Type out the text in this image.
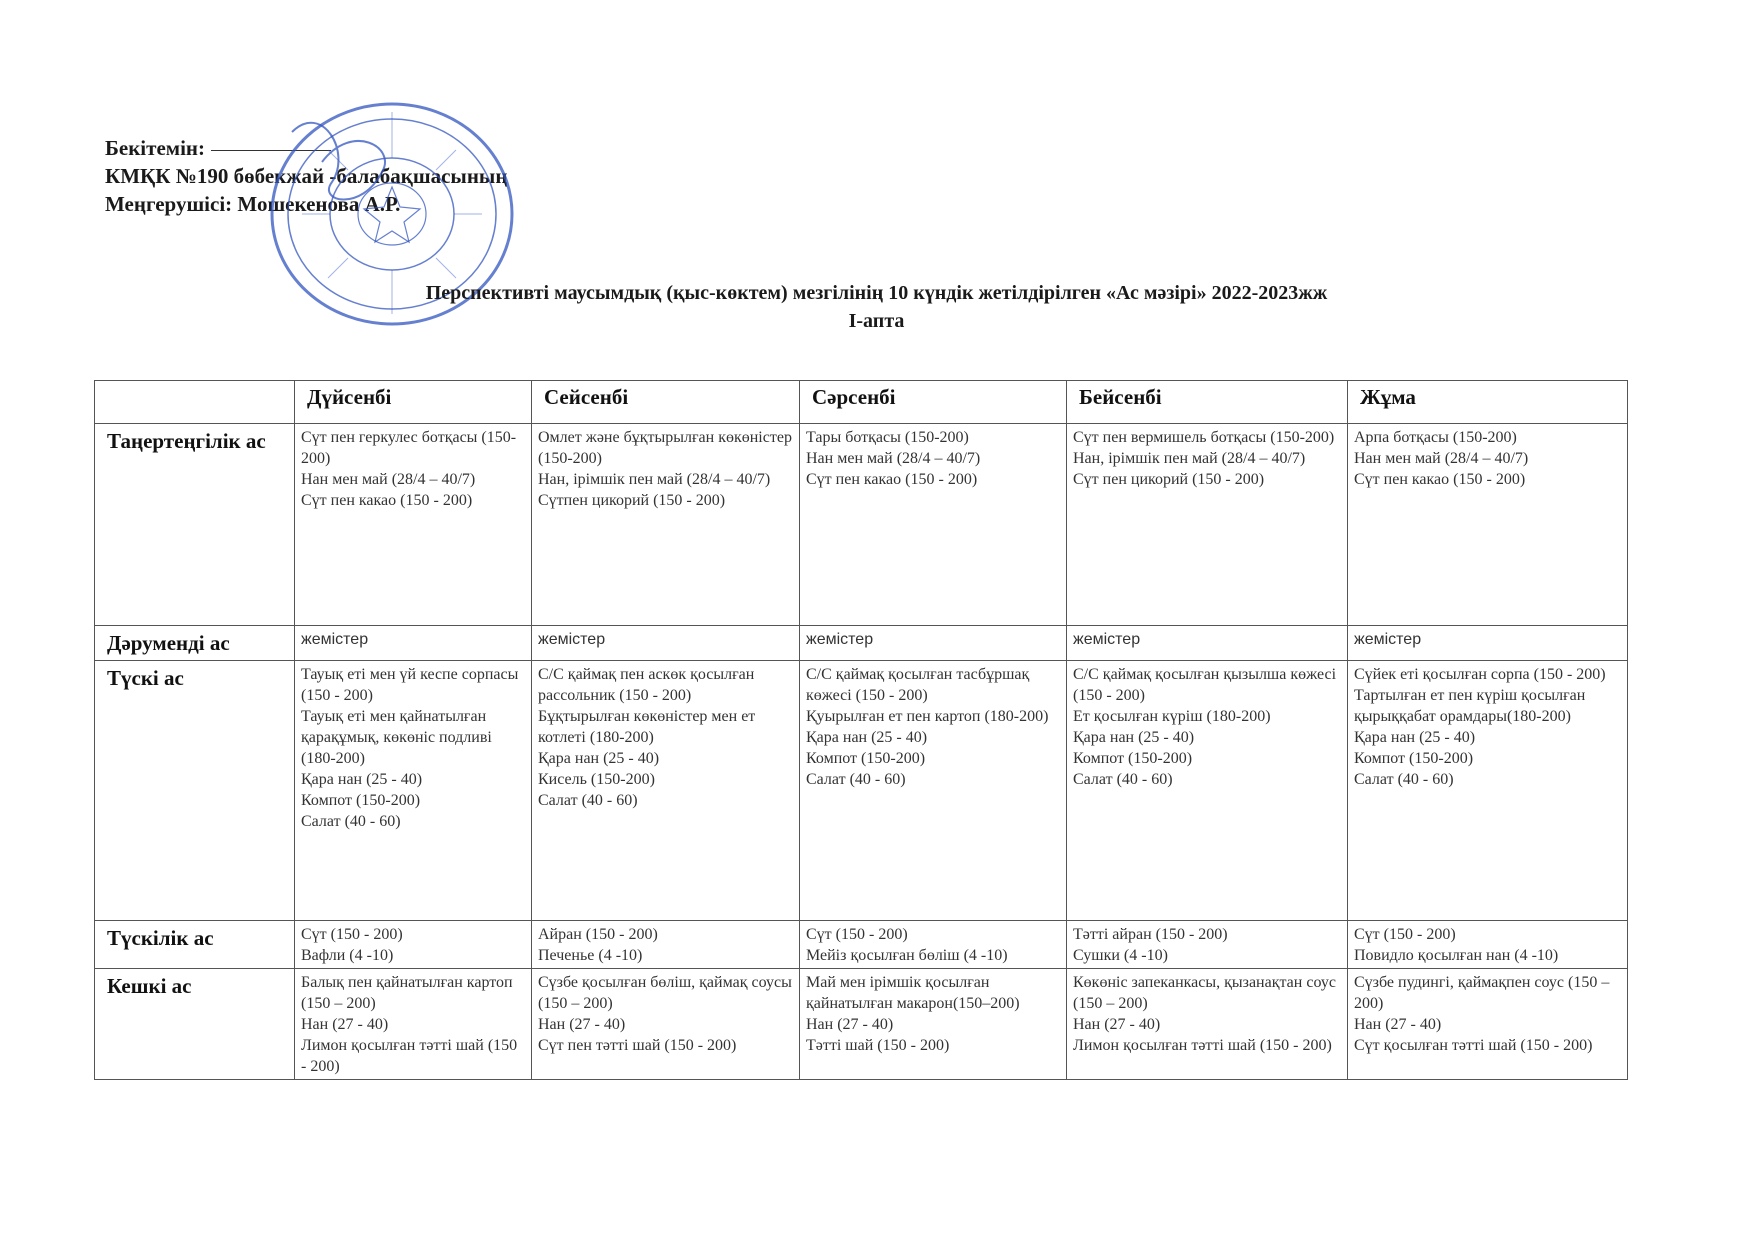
Бекітемін:
КМҚК №190 бөбекжай -балабақшасының
Меңгерушісі: Мошекенова А.Р.
Перспективті маусымдық (қыс-көктем) мезгілінің 10 күндік жетілдірілген «Ас мәзірі» 2022-2023жж
I-апта
	Дүйсенбі	Сейсенбі	Сәрсенбі	Бейсенбі	Жұма
Таңертеңгілік ас	Сүт пен геркулес ботқасы (150-200)
Нан мен май (28/4 – 40/7)
Сүт пен какао (150 - 200)	Омлет және бұқтырылған көкөністер (150-200)
Нан, ірімшік пен май (28/4 – 40/7)
Сүтпен цикорий (150 - 200)	Тары ботқасы (150-200)
Нан мен май (28/4 – 40/7)
Сүт пен какао (150 - 200)	Сүт пен вермишель ботқасы (150-200)
Нан, ірімшік пен май (28/4 – 40/7)
Сүт пен цикорий (150 - 200)	Арпа ботқасы (150-200)
Нан мен май (28/4 – 40/7)
Сүт пен какао (150 - 200)

Дәруменді ас	жемістер	жемістер	жемістер	жемістер	жемістер

Түскі ас	Тауық еті мен үй кеспе сорпасы (150 - 200)
Тауық еті мен қайнатылған қарақұмық, көкөніс подливі (180-200)
Қара нан (25 - 40)
Компот (150-200)
Салат (40 - 60)	С/С қаймақ пен аскөк қосылған рассольник (150 - 200)
Бұқтырылған көкөністер мен ет котлеті (180-200)
Қара нан (25 - 40)
Кисель (150-200)
Салат (40 - 60)	С/С қаймақ қосылған тасбұршақ көжесі (150 - 200)
Қуырылған ет пен картоп (180-200)
Қара нан (25 - 40)
Компот (150-200)
Салат (40 - 60)	С/С қаймақ қосылған қызылша көжесі (150 - 200)
Ет қосылған күріш (180-200)
Қара нан (25 - 40)
Компот (150-200)
Салат (40 - 60)	Сүйек еті қосылған сорпа (150 - 200)
Тартылған ет пен күріш қосылған қырыққабат орамдары(180-200)
Қара нан (25 - 40)
Компот (150-200)
Салат (40 - 60)

Түскілік ас	Сүт (150 - 200)
Вафли (4 -10)	Айран (150 - 200)
Печенье (4 -10)	Сүт (150 - 200)
Мейіз қосылған бөліш (4 -10)	Тәтті айран (150 - 200)
Сушки (4 -10)	Сүт (150 - 200)
Повидло қосылған нан (4 -10)

Кешкі ас	Балық пен қайнатылған картоп (150 – 200)
Нан (27 - 40)
Лимон қосылған тәтті шай (150 - 200)	Сүзбе қосылған бөліш, қаймақ соусы (150 – 200)
Нан (27 - 40)
Сүт пен тәтті шай (150 - 200)	Май мен ірімшік қосылған қайнатылған макарон(150–200)
Нан (27 - 40)
Тәтті шай (150 - 200)	Көкөніс запеканкасы, қызанақтан соус (150 – 200)
Нан (27 - 40)
Лимон қосылған тәтті шай (150 - 200)	Сүзбе пудингі, қаймақпен соус (150 – 200)
Нан (27 - 40)
Сүт қосылған тәтті шай (150 - 200)
